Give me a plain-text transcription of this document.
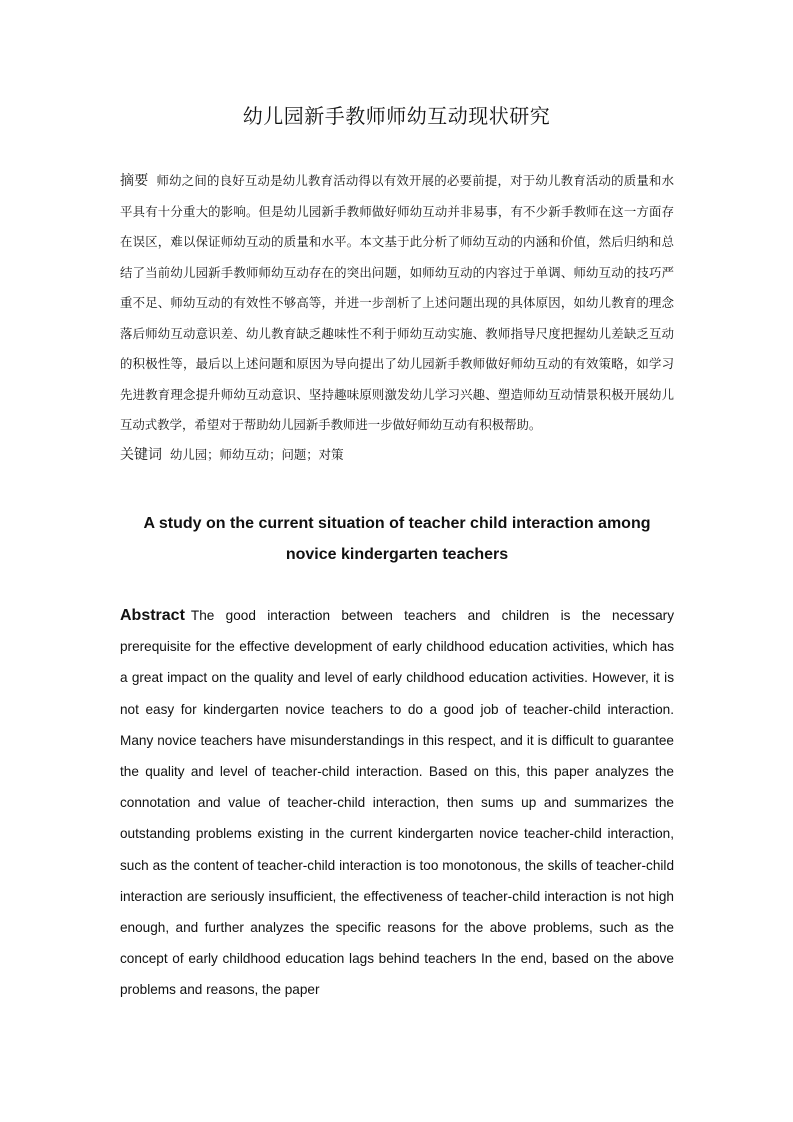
幼儿园新手教师师幼互动现状研究
摘要 师幼之间的良好互动是幼儿教育活动得以有效开展的必要前提，对于幼儿教育活动的质量和水平具有十分重大的影响。但是幼儿园新手教师做好师幼互动并非易事，有不少新手教师在这一方面存在误区，难以保证师幼互动的质量和水平。本文基于此分析了师幼互动的内涵和价值，然后归纳和总结了当前幼儿园新手教师师幼互动存在的突出问题，如师幼互动的内容过于单调、师幼互动的技巧严重不足、师幼互动的有效性不够高等，并进一步剖析了上述问题出现的具体原因，如幼儿教育的理念落后师幼互动意识差、幼儿教育缺乏趣味性不利于师幼互动实施、教师指导尺度把握幼儿差缺乏互动的积极性等，最后以上述问题和原因为导向提出了幼儿园新手教师做好师幼互动的有效策略，如学习先进教育理念提升师幼互动意识、坚持趣味原则激发幼儿学习兴趣、塑造师幼互动情景积极开展幼儿互动式教学，希望对于帮助幼儿园新手教师进一步做好师幼互动有积极帮助。
关键词 幼儿园；师幼互动；问题；对策
A study on the current situation of teacher child interaction among
novice kindergarten teachers
Abstract The good interaction between teachers and children is the necessary prerequisite for the effective development of early childhood education activities, which has a great impact on the quality and level of early childhood education activities. However, it is not easy for kindergarten novice teachers to do a good job of teacher-child interaction. Many novice teachers have misunderstandings in this respect, and it is difficult to guarantee the quality and level of teacher-child interaction. Based on this, this paper analyzes the connotation and value of teacher-child interaction, then sums up and summarizes the outstanding problems existing in the current kindergarten novice teacher-child interaction, such as the content of teacher-child interaction is too monotonous, the skills of teacher-child interaction are seriously insufficient, the effectiveness of teacher-child interaction is not high enough, and further analyzes the specific reasons for the above problems, such as the concept of early childhood education lags behind teachers In the end, based on the above problems and reasons, the paper
